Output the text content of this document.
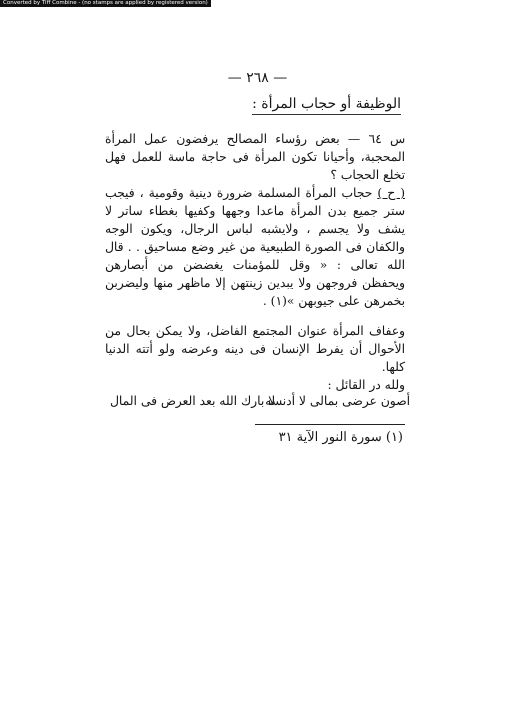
Converted by Tiff Combine - (no stamps are applied by registered version)
— ٢٦٨ —
الوظيفة أو حجاب المرأة :
س ٦٤ — بعض رؤساء المصالح يرفضون عمل المرأة المحجبة، وأحيانا تكون المرأة فى حاجة ماسة للعمل فهل تخلع الحجاب ؟
( ح ) حجاب المرأة المسلمة ضرورة دينية وقومية ، فيجب ستر جميع بدن المرأة ماعدا وجهها وكفيها بغطاء ساتر لا يشف ولا يجسم ، ولايشبه لباس الرجال، ويكون الوجه والكفان فى الصورة الطبيعية من غير وضع مساحيق . . قال الله تعالى : « وقل للمؤمنات يغضضن من أبصارهن ويحفظن فروجهن ولا يبدين زينتهن إلا ماظهر منها وليضربن بخمرهن على جيوبهن »(١) .
وعفاف المرأة عنوان المجتمع الفاضل، ولا يمكن بحال من الأحوال أن يفرط الإنسان فى دينه وعرضه ولو أتته الدنيا كلها.
ولله در القائل :
أصون عرضى بمالى لا أدنسه
لا بارك الله بعد العرض فى المال
(١) سورة النور الآية ٣١
